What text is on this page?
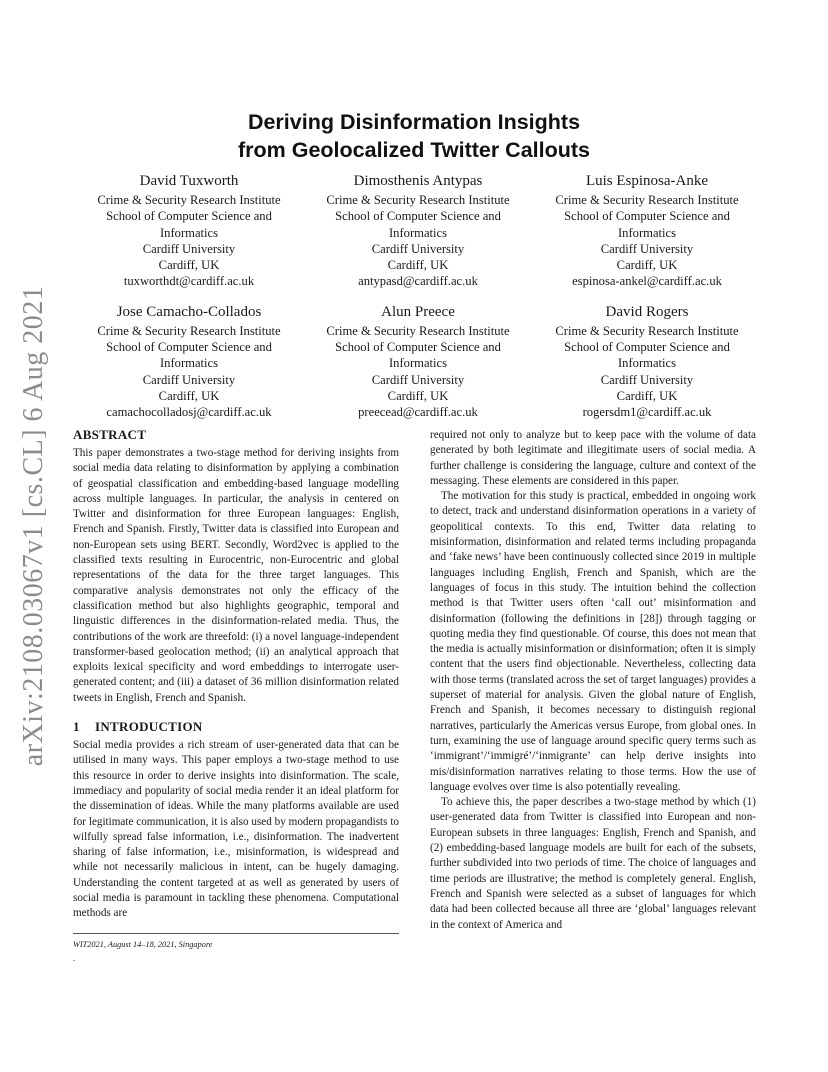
arXiv:2108.03067v1 [cs.CL] 6 Aug 2021
Deriving Disinformation Insights
from Geolocalized Twitter Callouts
David Tuxworth
Crime & Security Research Institute
School of Computer Science and
Informatics
Cardiff University
Cardiff, UK
tuxworthdt@cardiff.ac.uk
Dimosthenis Antypas
Crime & Security Research Institute
School of Computer Science and
Informatics
Cardiff University
Cardiff, UK
antypasd@cardiff.ac.uk
Luis Espinosa-Anke
Crime & Security Research Institute
School of Computer Science and
Informatics
Cardiff University
Cardiff, UK
espinosa-ankel@cardiff.ac.uk
Jose Camacho-Collados
Crime & Security Research Institute
School of Computer Science and
Informatics
Cardiff University
Cardiff, UK
camachocolladosj@cardiff.ac.uk
Alun Preece
Crime & Security Research Institute
School of Computer Science and
Informatics
Cardiff University
Cardiff, UK
preecead@cardiff.ac.uk
David Rogers
Crime & Security Research Institute
School of Computer Science and
Informatics
Cardiff University
Cardiff, UK
rogersdm1@cardiff.ac.uk
ABSTRACT

This paper demonstrates a two-stage method for deriving insights from social media data relating to disinformation by applying a combination of geospatial classification and embedding-based language modelling across multiple languages. In particular, the analysis in centered on Twitter and disinformation for three European languages: English, French and Spanish. Firstly, Twitter data is classified into European and non-European sets using BERT. Secondly, Word2vec is applied to the classified texts resulting in Eurocentric, non-Eurocentric and global representations of the data for the three target languages. This comparative analysis demonstrates not only the efficacy of the classification method but also highlights geographic, temporal and linguistic differences in the disinformation-related media. Thus, the contributions of the work are threefold: (i) a novel language-independent transformer-based geolocation method; (ii) an analytical approach that exploits lexical specificity and word embeddings to interrogate user-generated content; and (iii) a dataset of 36 million disinformation related tweets in English, French and Spanish.

1 INTRODUCTION

Social media provides a rich stream of user-generated data that can be utilised in many ways. This paper employs a two-stage method to use this resource in order to derive insights into disinformation. The scale, immediacy and popularity of social media render it an ideal platform for the dissemination of ideas. While the many platforms available are used for legitimate communication, it is also used by modern propagandists to wilfully spread false information, i.e., disinformation. The inadvertent sharing of false information, i.e., misinformation, is widespread and while not necessarily malicious in intent, can be hugely damaging. Understanding the content targeted at as well as generated by users of social media is paramount in tackling these phenomena. Computational methods are

WIT2021, August 14–18, 2021, Singapore
.

required not only to analyze but to keep pace with the volume of data generated by both legitimate and illegitimate users of social media. A further challenge is considering the language, culture and context of the messaging. These elements are considered in this paper.

The motivation for this study is practical, embedded in ongoing work to detect, track and understand disinformation operations in a variety of geopolitical contexts. To this end, Twitter data relating to misinformation, disinformation and related terms including propaganda and ‘fake news’ have been continuously collected since 2019 in multiple languages including English, French and Spanish, which are the languages of focus in this study. The intuition behind the collection method is that Twitter users often ‘call out’ misinformation and disinformation (following the definitions in [28]) through tagging or quoting media they find questionable. Of course, this does not mean that the media is actually misinformation or disinformation; often it is simply content that the users find objectionable. Nevertheless, collecting data with those terms (translated across the set of target languages) provides a superset of material for analysis. Given the global nature of English, French and Spanish, it becomes necessary to distinguish regional narratives, particularly the Americas versus Europe, from global ones. In turn, examining the use of language around specific query terms such as ‘immigrant’/‘immigré’/‘inmigrante’ can help derive insights into mis/disinformation narratives relating to those terms. How the use of language evolves over time is also potentially revealing.

To achieve this, the paper describes a two-stage method by which (1) user-generated data from Twitter is classified into European and non-European subsets in three languages: English, French and Spanish, and (2) embedding-based language models are built for each of the subsets, further subdivided into two periods of time. The choice of languages and time periods are illustrative; the method is completely general. English, French and Spanish were selected as a subset of languages for which data had been collected because all three are ‘global’ languages relevant in the context of America and
